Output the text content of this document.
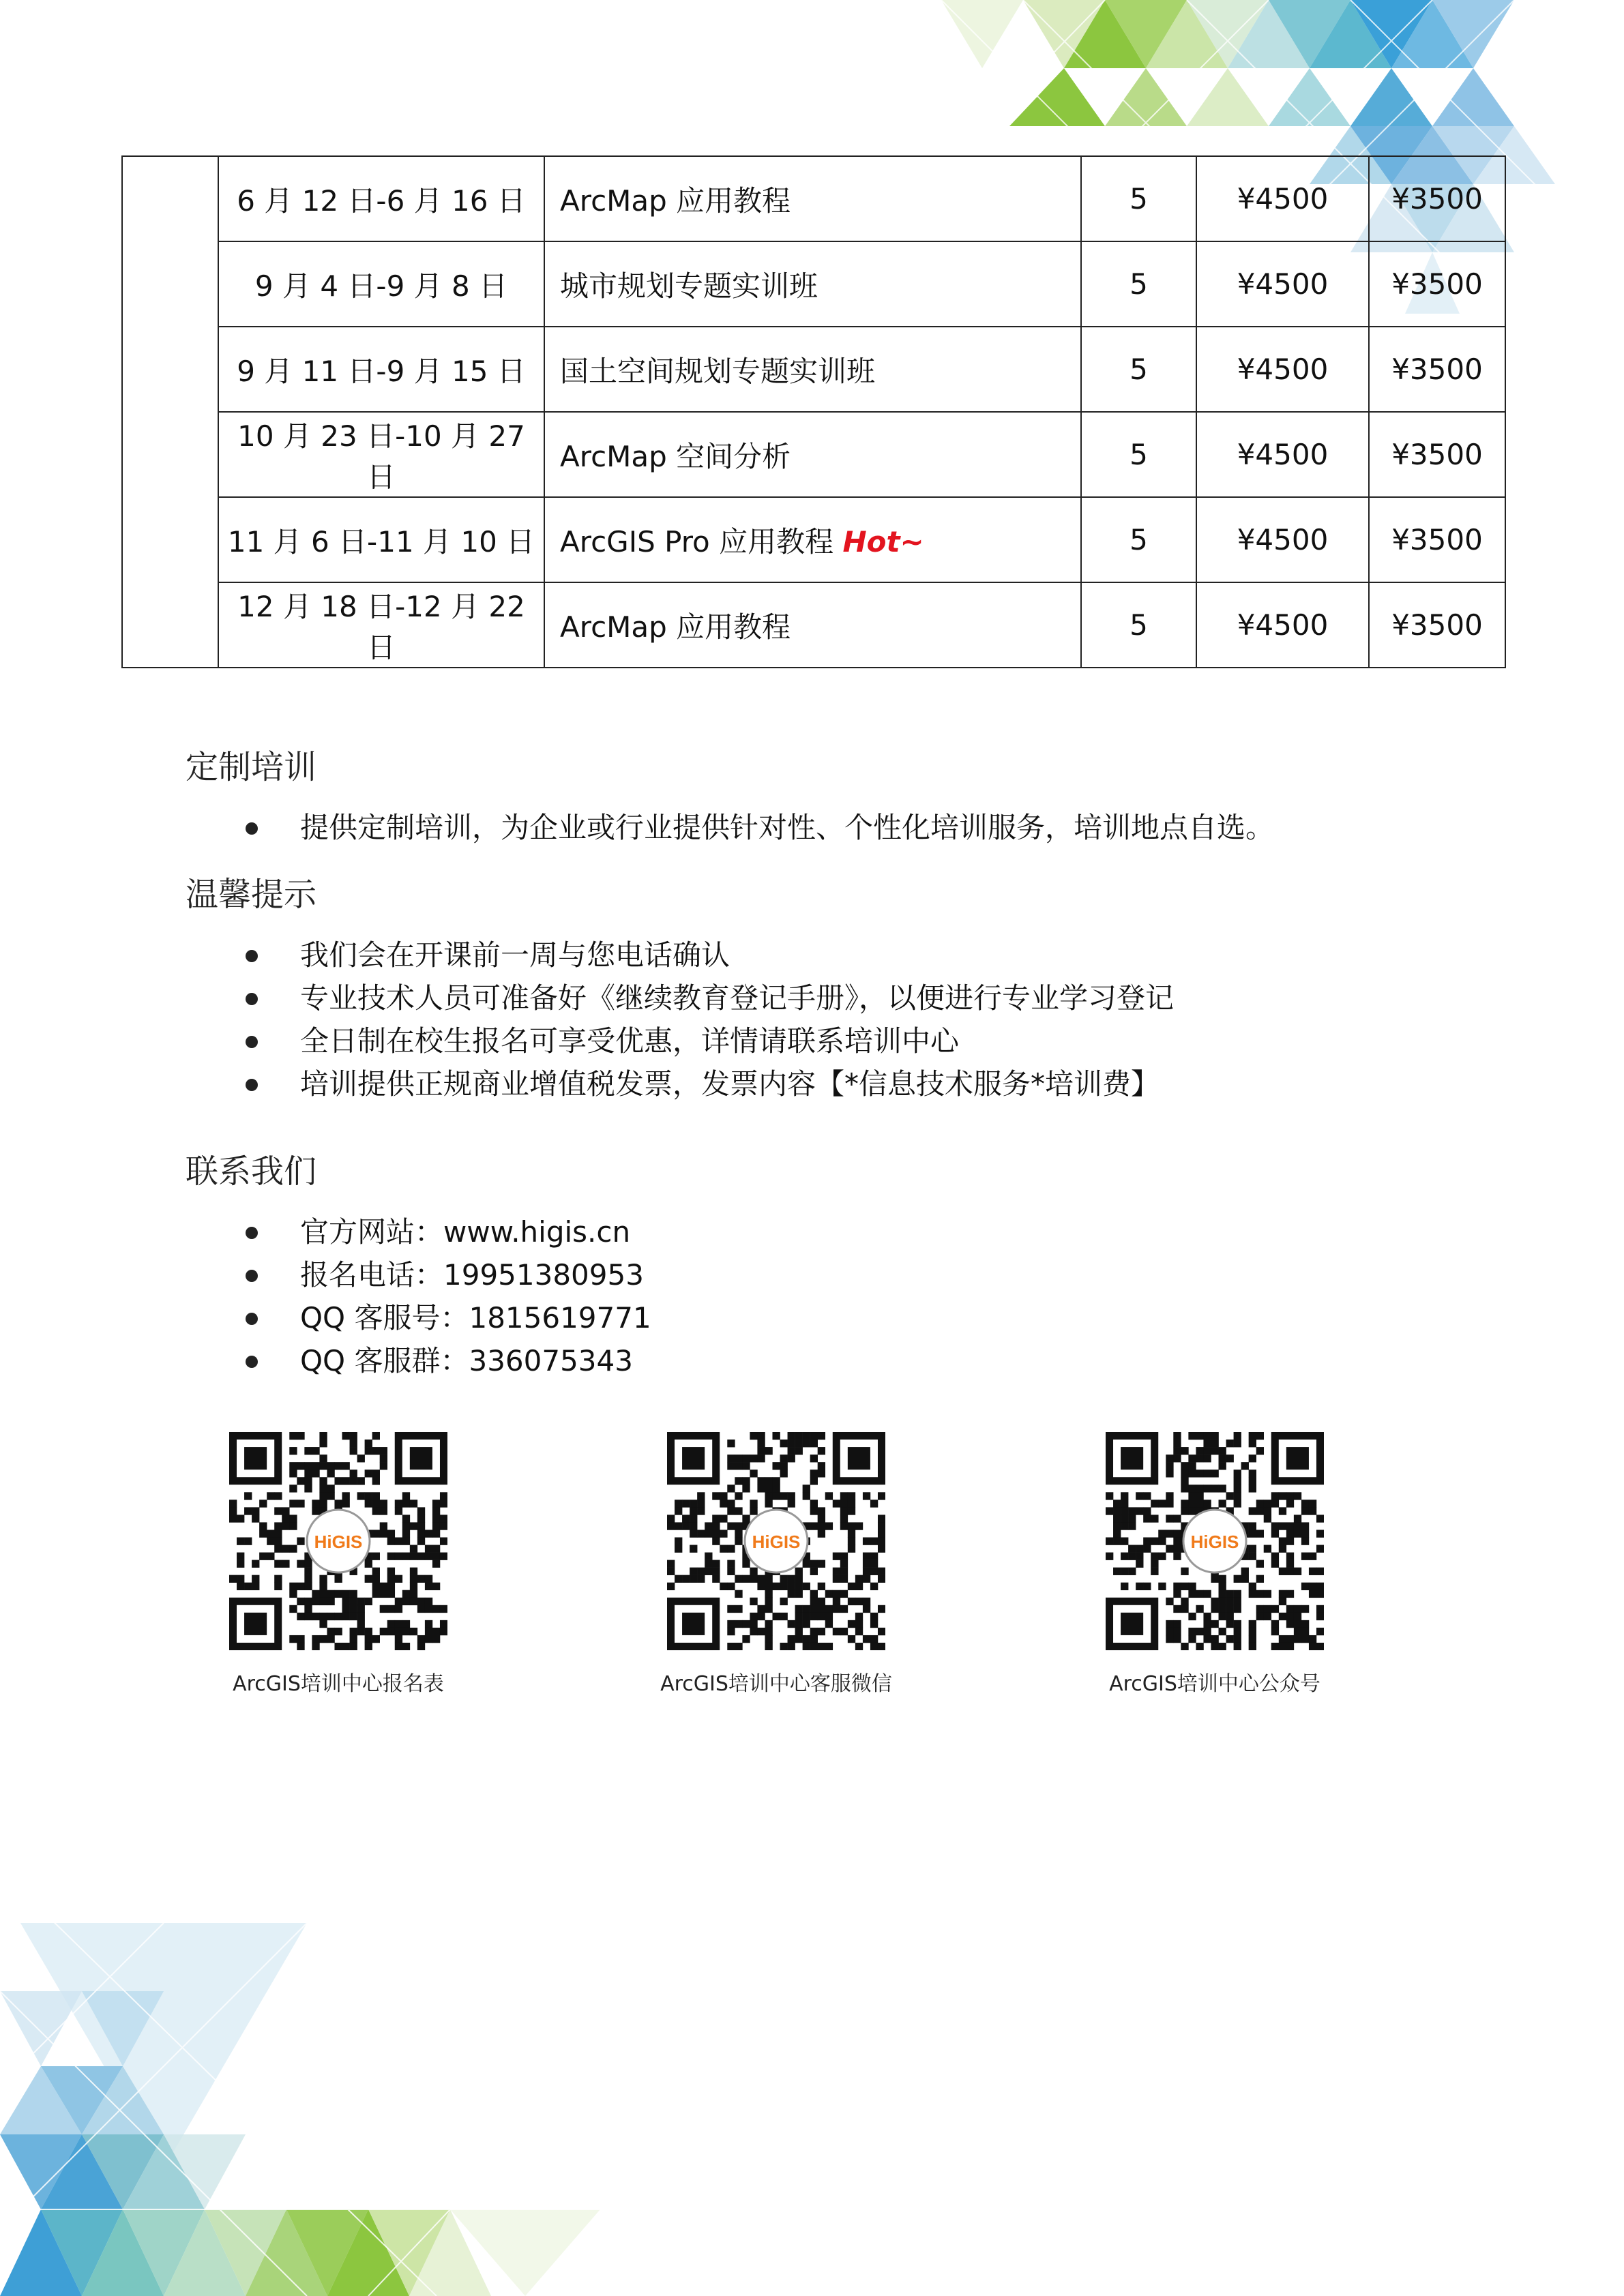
	6 月 12 日-6 月 16 日	ArcMap 应用教程	5	¥4500	¥3500
	9 月 4 日-9 月 8 日	城市规划专题实训班	5	¥4500	¥3500
	9 月 11 日-9 月 15 日	国土空间规划专题实训班	5	¥4500	¥3500
	10 月 23 日-10 月 27 日	ArcMap 空间分析	5	¥4500	¥3500
	11 月 6 日-11 月 10 日	ArcGIS Pro 应用教程 Hot~	5	¥4500	¥3500
	12 月 18 日-12 月 22 日	ArcMap 应用教程	5	¥4500	¥3500
定制培训
提供定制培训，为企业或行业提供针对性、个性化培训服务，培训地点自选。
温馨提示
我们会在开课前一周与您电话确认
专业技术人员可准备好《继续教育登记手册》，以便进行专业学习登记
全日制在校生报名可享受优惠，详情请联系培训中心
培训提供正规商业增值税发票，发票内容【*信息技术服务*培训费】
联系我们
官方网站：www.higis.cn
报名电话：19951380953
QQ 客服号：1815619771
QQ 客服群：336075343
HiGIS
ArcGIS培训中心报名表
HiGIS
ArcGIS培训中心客服微信
HiGIS
ArcGIS培训中心公众号
